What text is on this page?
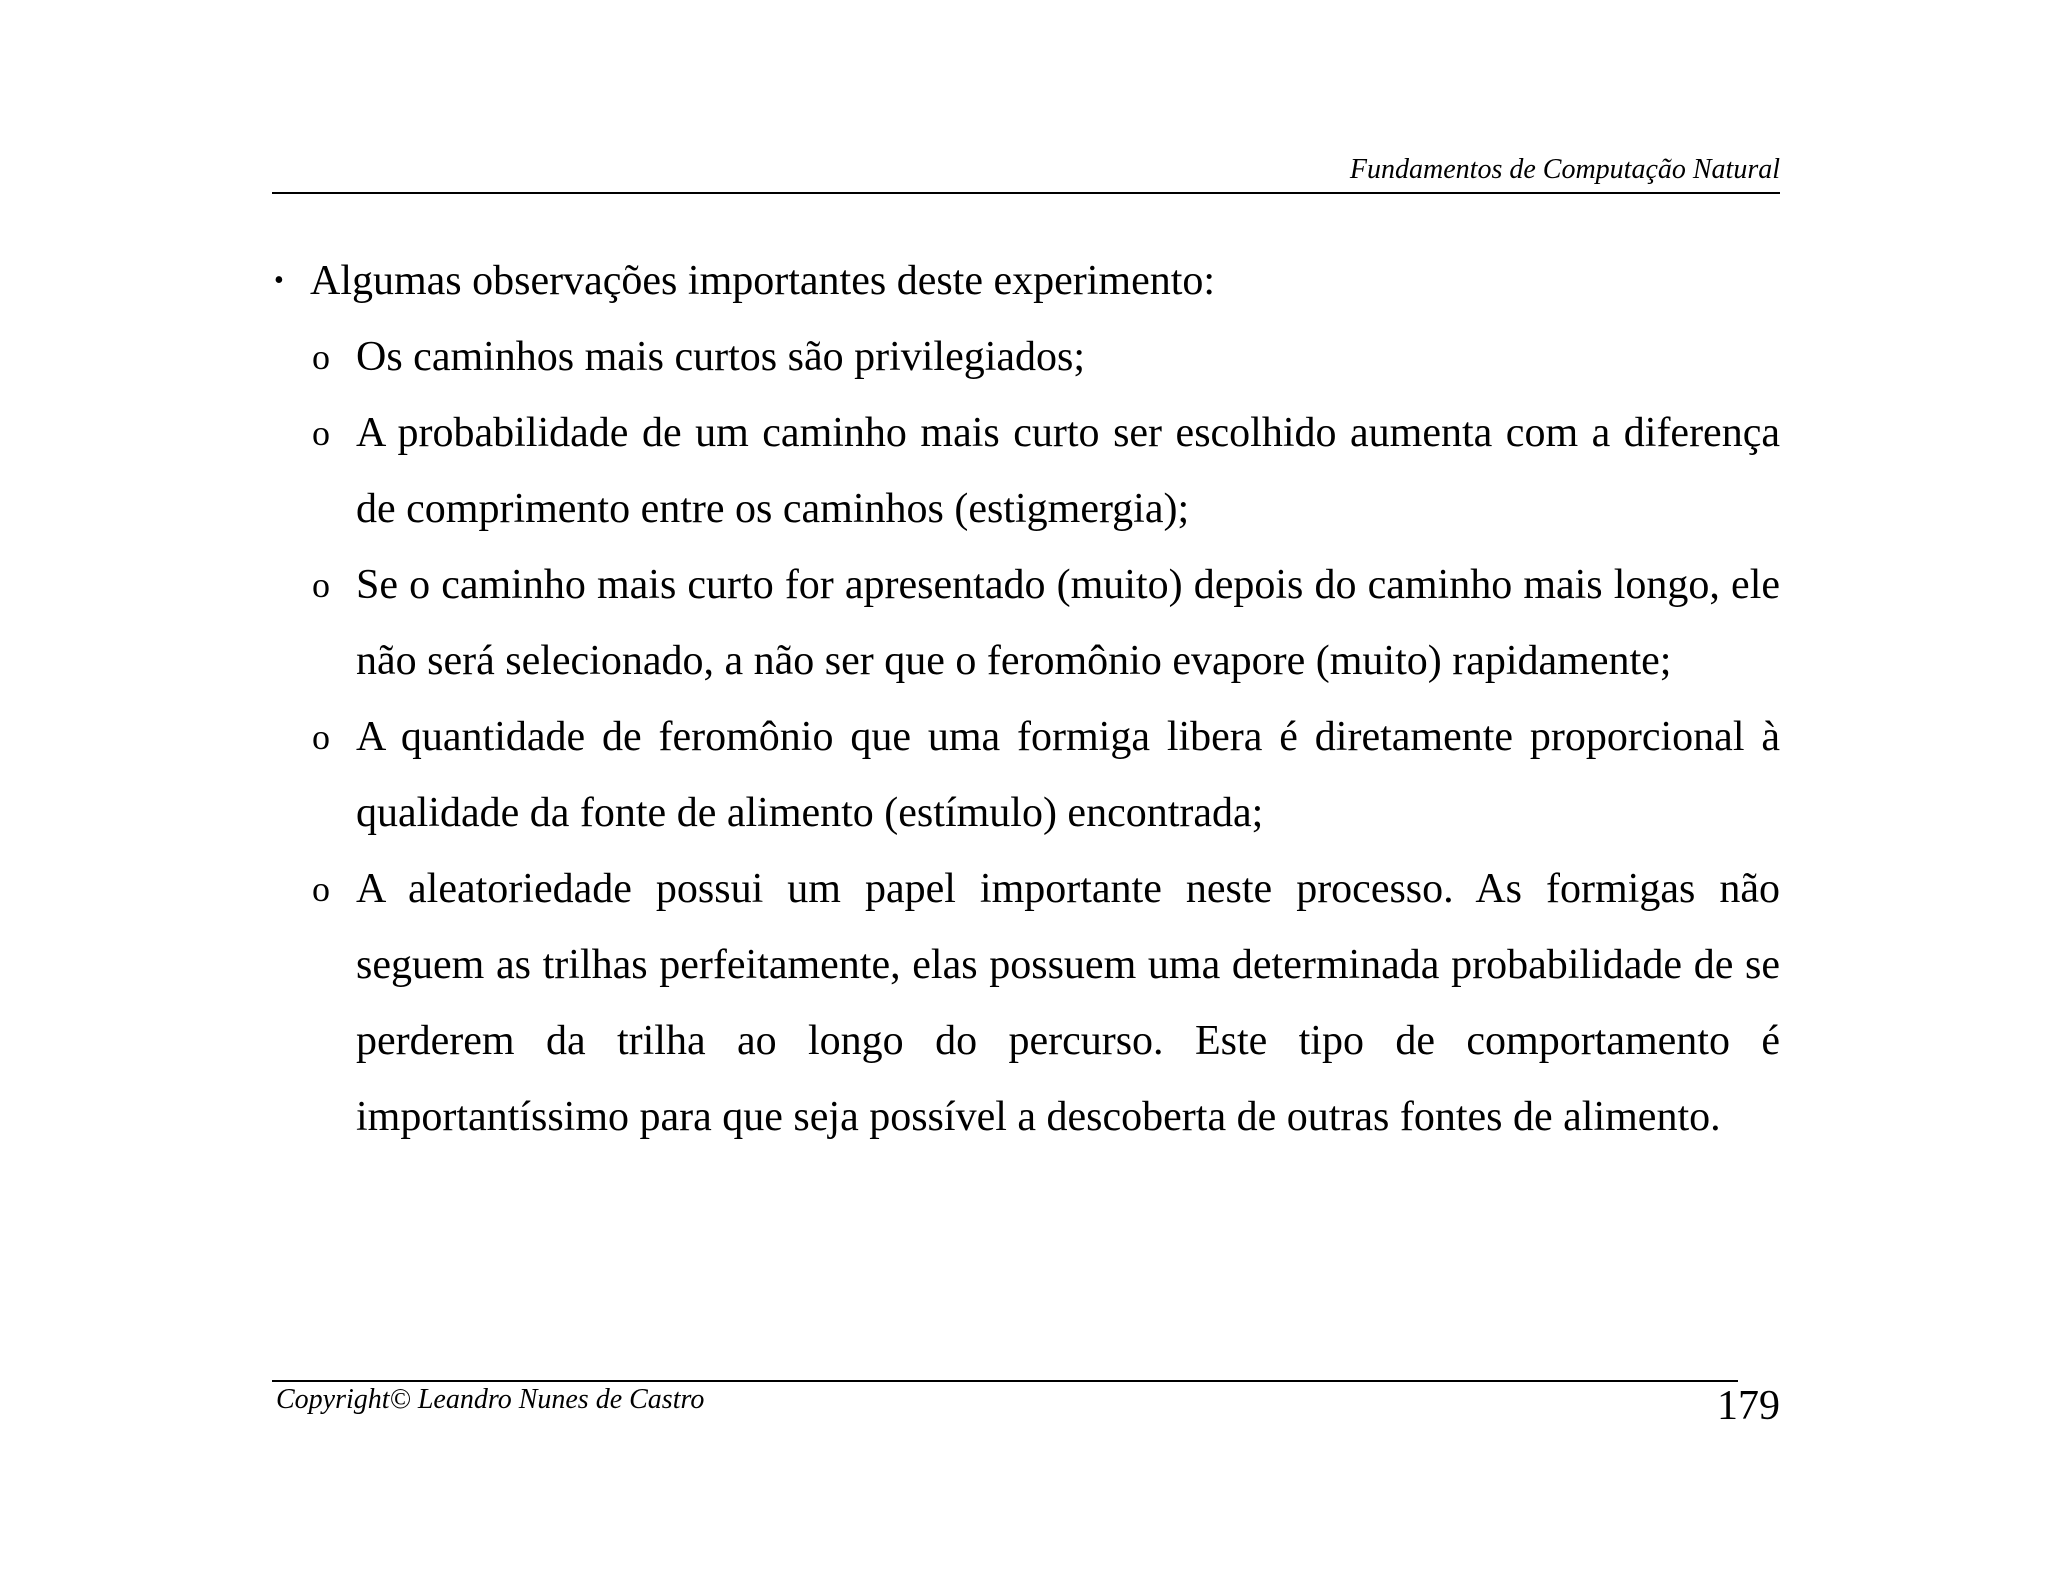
Fundamentos de Computação Natural
• Algumas observações importantes deste experimento:
o Os caminhos mais curtos são privilegiados;
o A probabilidade de um caminho mais curto ser escolhido aumenta com a diferença de comprimento entre os caminhos (estigmergia);
o Se o caminho mais curto for apresentado (muito) depois do caminho mais longo, ele não será selecionado, a não ser que o feromônio evapore (muito) rapidamente;
o A quantidade de feromônio que uma formiga libera é diretamente proporcional à qualidade da fonte de alimento (estímulo) encontrada;
o A aleatoriedade possui um papel importante neste processo. As formigas não seguem as trilhas perfeitamente, elas possuem uma determinada probabilidade de se perderem da trilha ao longo do percurso. Este tipo de comportamento é importantíssimo para que seja possível a descoberta de outras fontes de alimento.
Copyright© Leandro Nunes de Castro	179
